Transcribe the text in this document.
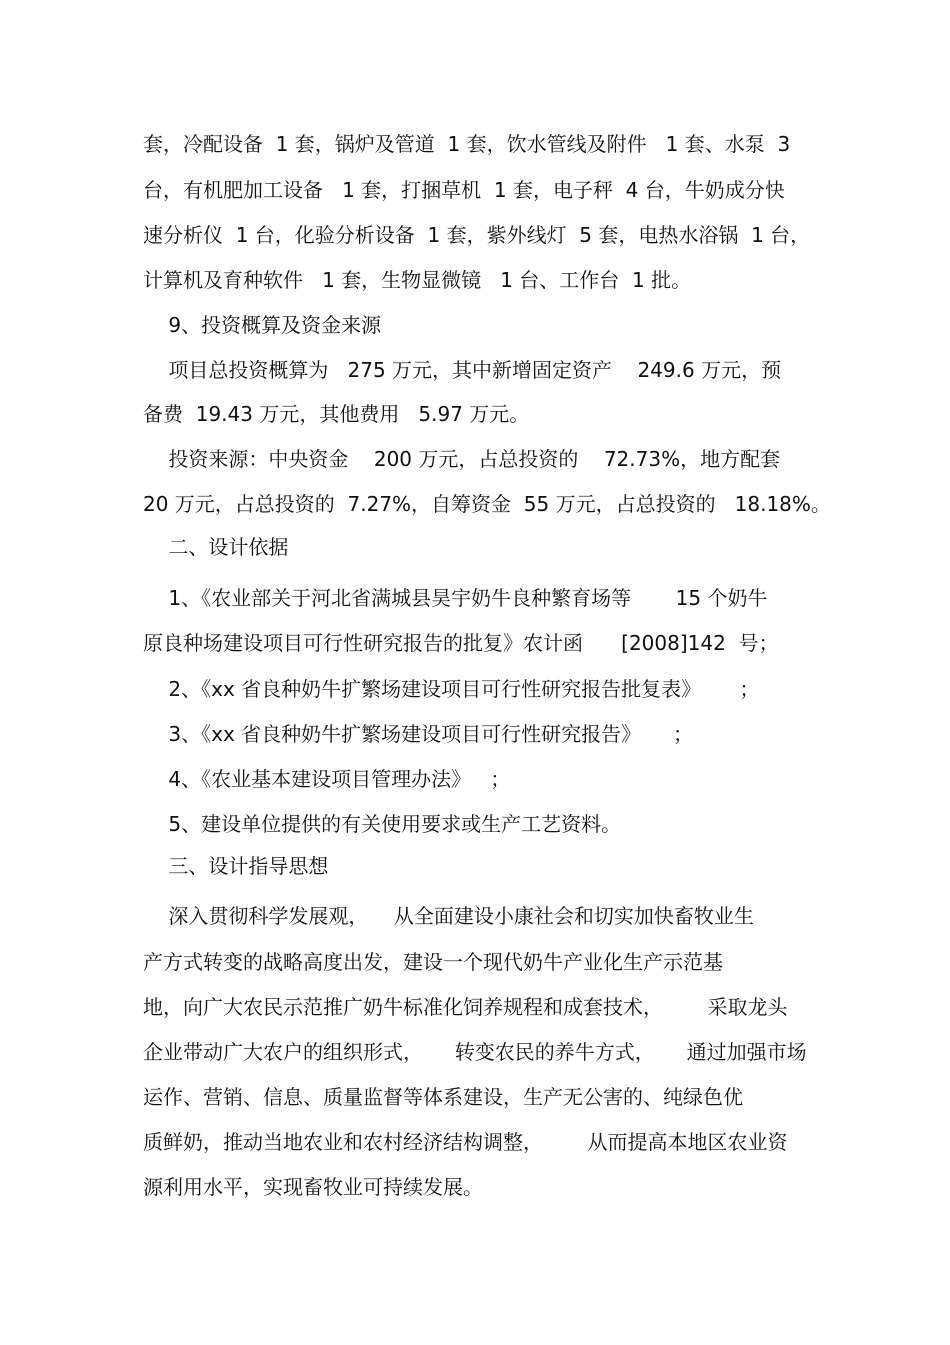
套，冷配设备  1 套，锅炉及管道  1 套，饮水管线及附件   1 套、水泵  3

台，有机肥加工设备   1 套，打捆草机  1 套，电子秤  4 台，牛奶成分快

速分析仪  1 台，化验分析设备  1 套，紫外线灯  5 套，电热水浴锅  1 台，

计算机及育种软件   1 套，生物显微镜   1 台、工作台  1 批。

9、投资概算及资金来源

项目总投资概算为   275 万元，其中新增固定资产    249.6 万元，预

备费  19.43 万元，其他费用   5.97 万元。

投资来源：中央资金    200 万元，占总投资的    72.73%，地方配套

20 万元，占总投资的  7.27%，自筹资金  55 万元，占总投资的   18.18%。

二、设计依据

1、《农业部关于河北省满城县昊宇奶牛良种繁育场等       15 个奶牛

原良种场建设项目可行性研究报告的批复》农计函      [2008]142  号；

2、《xx 省良种奶牛扩繁场建设项目可行性研究报告批复表》      ；

3、《xx 省良种奶牛扩繁场建设项目可行性研究报告》     ；

4、《农业基本建设项目管理办法》   ；

5、建设单位提供的有关使用要求或生产工艺资料。

三、设计指导思想

深入贯彻科学发展观，    从全面建设小康社会和切实加快畜牧业生

产方式转变的战略高度出发，建设一个现代奶牛产业化生产示范基

地，向广大农民示范推广奶牛标准化饲养规程和成套技术，       采取龙头

企业带动广大农户的组织形式，     转变农民的养牛方式，     通过加强市场

运作、营销、信息、质量监督等体系建设，生产无公害的、纯绿色优

质鲜奶，推动当地农业和农村经济结构调整，       从而提高本地区农业资

源利用水平，实现畜牧业可持续发展。
